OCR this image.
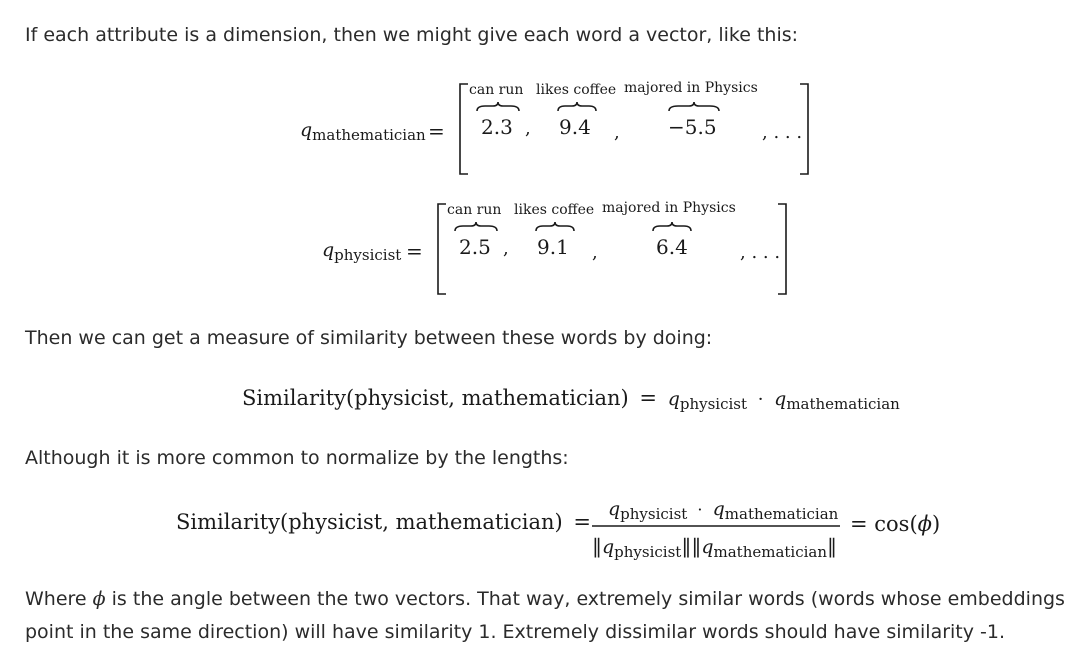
If each attribute is a dimension, then we might give each word a vector, like this:
$q_{mathematician}$ =
can run likes coffee majored in Physics
2.3 , 9.4 , −5.5	, . . .
$q_{physicist}$ =
can run likes coffee majored in Physics
2.5 , 9.1 ,	6.4	, . . .
Then we can get a measure of similarity between these words by doing:
Similarity(physicist, mathematician) = qphysicist · qmathematician
Although it is more common to normalize by the lengths:
Similarity(physicist, mathematician) =
qphysicist · qmathematician
‖qphysicist‖‖qmathematician‖
= cos(ϕ)
Where ϕ is the angle between the two vectors. That way, extremely similar words (words whose embeddings
point in the same direction) will have similarity 1. Extremely dissimilar words should have similarity -1.
